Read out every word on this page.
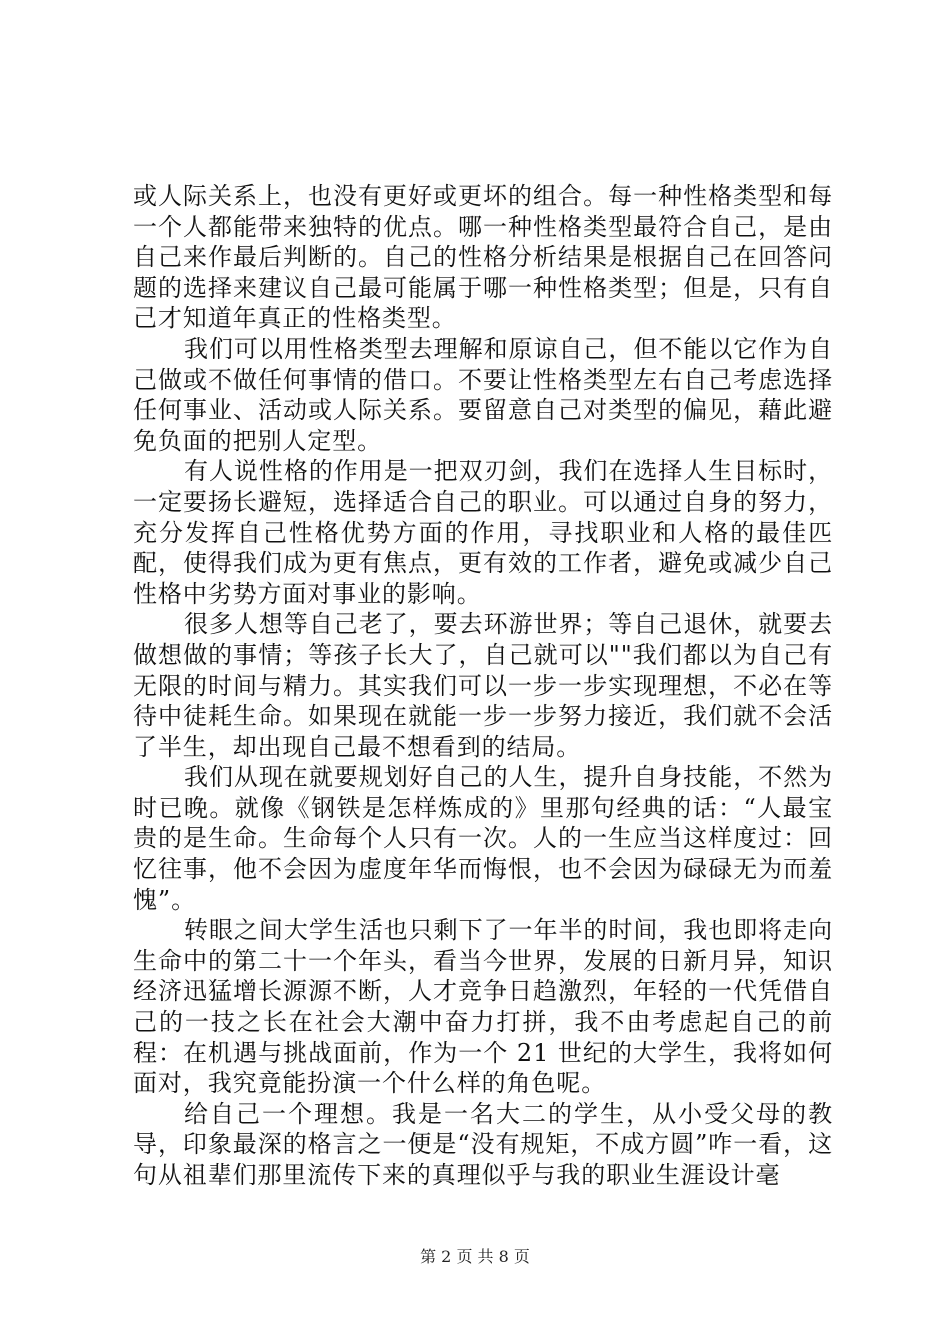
或人际关系上，也没有更好或更坏的组合。每一种性格类型和每一个人都能带来独特的优点。哪一种性格类型最符合自己，是由自己来作最后判断的。自己的性格分析结果是根据自己在回答问题的选择来建议自己最可能属于哪一种性格类型；但是，只有自己才知道年真正的性格类型。

我们可以用性格类型去理解和原谅自己，但不能以它作为自己做或不做任何事情的借口。不要让性格类型左右自己考虑选择任何事业、活动或人际关系。要留意自己对类型的偏见，藉此避免负面的把别人定型。

有人说性格的作用是一把双刃剑，我们在选择人生目标时，一定要扬长避短，选择适合自己的职业。可以通过自身的努力，充分发挥自己性格优势方面的作用，寻找职业和人格的最佳匹配，使得我们成为更有焦点，更有效的工作者，避免或减少自己性格中劣势方面对事业的影响。

很多人想等自己老了，要去环游世界；等自己退休，就要去做想做的事情；等孩子长大了，自己就可以""我们都以为自己有无限的时间与精力。其实我们可以一步一步实现理想，不必在等待中徒耗生命。如果现在就能一步一步努力接近，我们就不会活了半生，却出现自己最不想看到的结局。

我们从现在就要规划好自己的人生，提升自身技能，不然为时已晚。就像《钢铁是怎样炼成的》里那句经典的话：“人最宝贵的是生命。生命每个人只有一次。人的一生应当这样度过：回忆往事，他不会因为虚度年华而悔恨，也不会因为碌碌无为而羞愧”。

转眼之间大学生活也只剩下了一年半的时间，我也即将走向生命中的第二十一个年头，看当今世界，发展的日新月异，知识经济迅猛增长源源不断，人才竞争日趋激烈，年轻的一代凭借自己的一技之长在社会大潮中奋力打拼，我不由考虑起自己的前程：在机遇与挑战面前，作为一个 21 世纪的大学生，我将如何面对，我究竟能扮演一个什么样的角色呢。

给自己一个理想。我是一名大二的学生，从小受父母的教导，印象最深的格言之一便是“没有规矩，不成方圆”咋一看，这句从祖辈们那里流传下来的真理似乎与我的职业生涯设计毫

第 2 页 共 8 页
